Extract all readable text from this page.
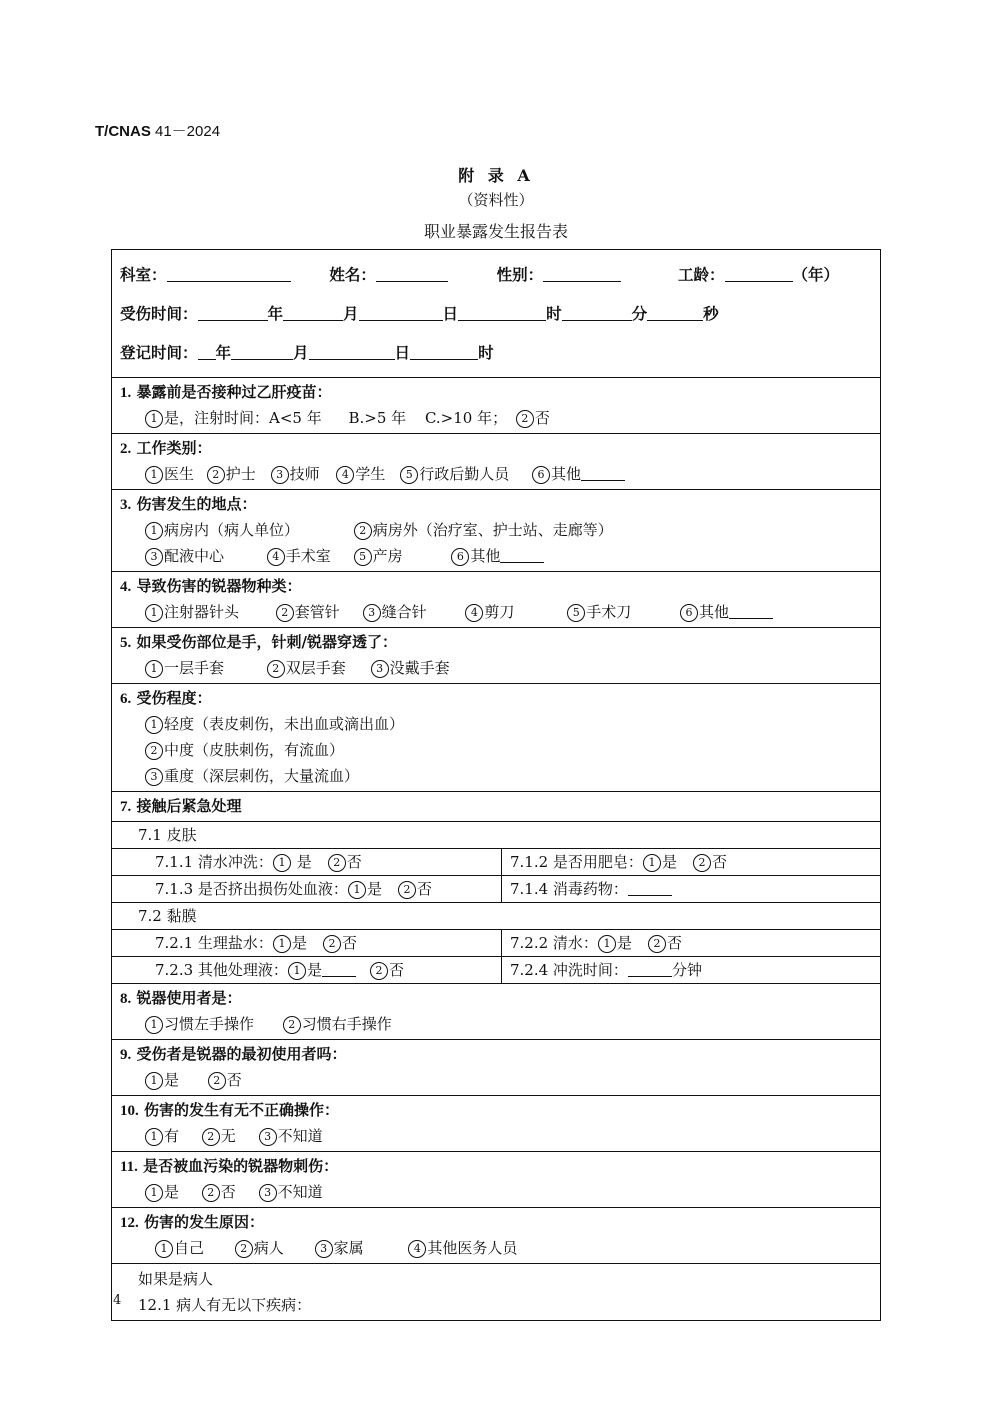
T/CNAS 41－2024
附 录 A
（资料性）
职业暴露发生报告表
科室：	姓名：	性别：	工龄：	（年）
受伤时间：	年	月	日	时	分	秒
登记时间： 年	月	日	时
1. 暴露前是否接种过乙肝疫苗：
1 是，注射时间：A<5 年 B.>5 年 C.>10 年； 2 否
2. 工作类别：
1 医生 2 护士 3 技师 4 学生 5 行政后勤人员	6 其他
3. 伤害发生的地点：
1 病房内（病人单位）	2 病房外（治疗室、护士站、走廊等）
3 配液中心	4 手术室	5 产房	6 其他
4. 导致伤害的锐器物种类：
1 注射器针头	2 套管针	3 缝合针	4 剪刀	5 手术刀	6 其他
5. 如果受伤部位是手，针刺/锐器穿透了：
1 一层手套	2 双层手套	3 没戴手套
6. 受伤程度：
1 轻度（表皮刺伤，未出血或滴出血）
2 中度（皮肤刺伤，有流血）
3 重度（深层刺伤，大量流血）
7. 接触后紧急处理
7.1 皮肤
7.1.1 清水冲洗： 1 是 2 否	7.1.2 是否用肥皂： 1 是 2 否
7.1.3 是否挤出损伤处血液： 1 是 2 否	7.1.4 消毒药物：
7.2 黏膜
7.2.1 生理盐水： 1 是 2 否	7.2.2 清水： 1 是 2 否
7.2.3 其他处理液： 1 是	2 否	7.2.4 冲洗时间：	分钟
8. 锐器使用者是：
1 习惯左手操作	2 习惯右手操作
9. 受伤者是锐器的最初使用者吗：
1 是	2 否
10. 伤害的发生有无不正确操作：
1 有	2 无	3 不知道
11. 是否被血污染的锐器物刺伤：
1 是	2 否	3 不知道
12. 伤害的发生原因：
1 自己	2 病人	3 家属	4 其他医务人员
如果是病人
12.1 病人有无以下疾病：
4
